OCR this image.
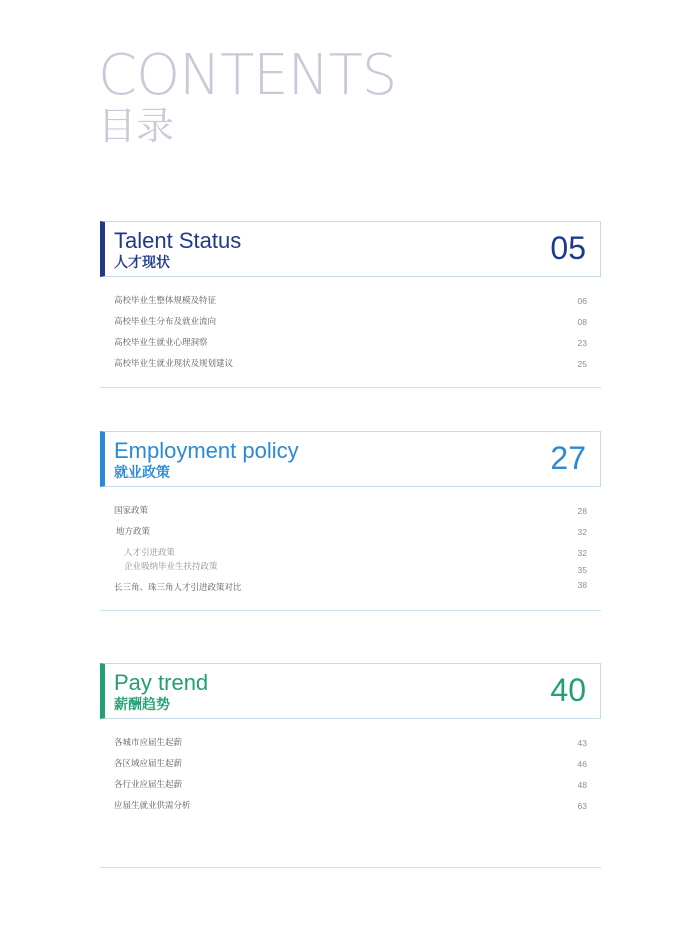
CONTENTS
目录
Talent Status
人才现状	05
高校毕业生整体规模及特征	06
高校毕业生分布及就业流向	08
高校毕业生就业心理洞察	23
高校毕业生就业现状及规划建议	25
Employment policy
就业政策	27
国家政策	28
地方政策	32
人才引进政策	32
企业吸纳毕业生扶持政策	35
长三角、珠三角人才引进政策对比	38
Pay trend
薪酬趋势	40
各城市应届生起薪	43
各区域应届生起薪	46
各行业应届生起薪	48
应届生就业供需分析	63
